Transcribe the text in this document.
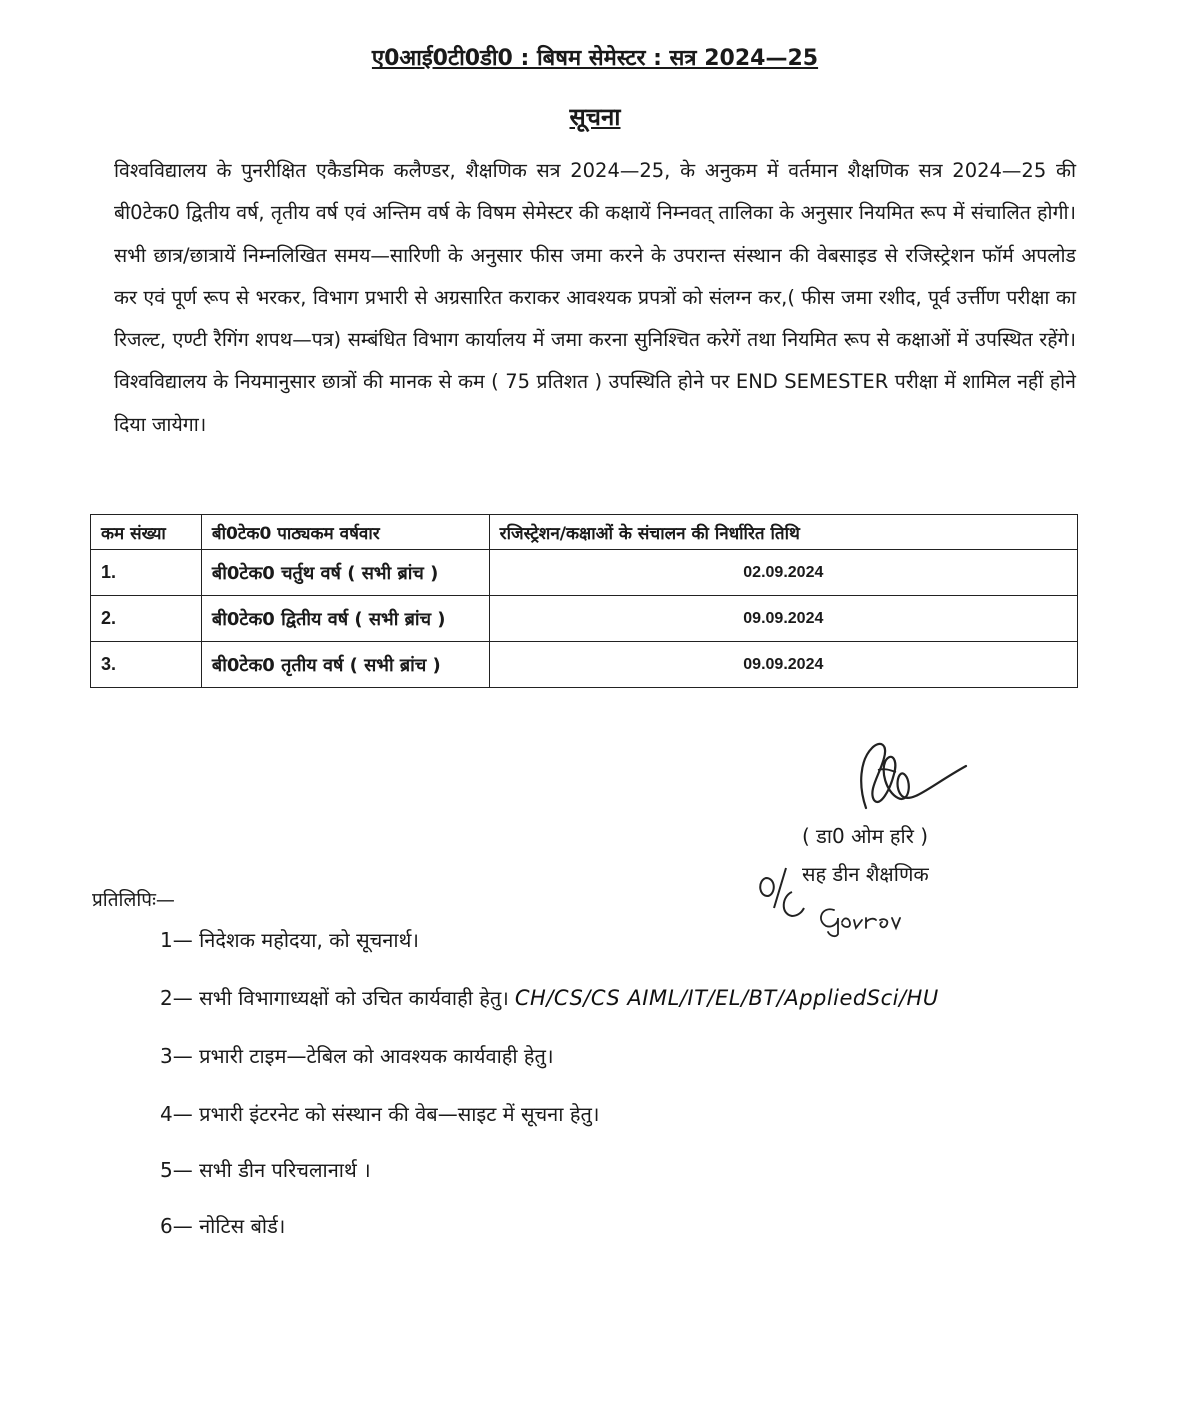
ए0आई0टी0डी0 : बिषम सेमेस्टर : सत्र 2024—25
सूचना

विश्वविद्यालय के पुनरीक्षित एकैडमिक कलैण्डर, शैक्षणिक सत्र 2024—25, के अनुकम में वर्तमान शैक्षणिक सत्र 2024—25 की बी0टेक0 द्वितीय वर्ष, तृतीय वर्ष एवं अन्तिम वर्ष के विषम सेमेस्टर की कक्षायें निम्नवत् तालिका के अनुसार नियमित रूप में संचालित होगी। सभी छात्र/छात्रायें निम्नलिखित समय—सारिणी के अनुसार फीस जमा करने के उपरान्त संस्थान की वेबसाइड से रजिस्ट्रेशन फॉर्म अपलोड कर एवं पूर्ण रूप से भरकर, विभाग प्रभारी से अग्रसारित कराकर आवश्यक प्रपत्रों को संलग्न कर,( फीस जमा रशीद, पूर्व उर्त्तीण परीक्षा का रिजल्ट, एण्टी रैगिंग शपथ—पत्र) सम्बंधित विभाग कार्यालय में जमा करना सुनिश्चित करेगें तथा नियमित रूप से कक्षाओं में उपस्थित रहेंगे। विश्वविद्यालय के नियमानुसार छात्रों की मानक से कम ( 75 प्रतिशत ) उपस्थिति होने पर END SEMESTER परीक्षा में शामिल नहीं होने दिया जायेगा।

कम संख्या	बी0टेक0 पाठ्यकम वर्षवार	रजिस्ट्रेशन/कक्षाओं के संचालन की निर्धारित तिथि
1.	बी0टेक0 चर्तुथ वर्ष ( सभी ब्रांच )	02.09.2024
2.	बी0टेक0 द्वितीय वर्ष ( सभी ब्रांच )	09.09.2024
3.	बी0टेक0 तृतीय वर्ष ( सभी ब्रांच )	09.09.2024
( डा0 ओम हरि )
सह डीन शैक्षणिक
प्रतिलिपिः—
1— निदेशक महोदया, को सूचनार्थ।
2— सभी विभागाध्यक्षों को उचित कार्यवाही हेतु। CH/CS/CS AIML/IT/EL/BT/AppliedSci/HU
3— प्रभारी टाइम—टेबिल को आवश्यक कार्यवाही हेतु।
4— प्रभारी इंटरनेट को संस्थान की वेब—साइट में सूचना हेतु।
5— सभी डीन परिचलानार्थ ।
6— नोटिस बोर्ड।
